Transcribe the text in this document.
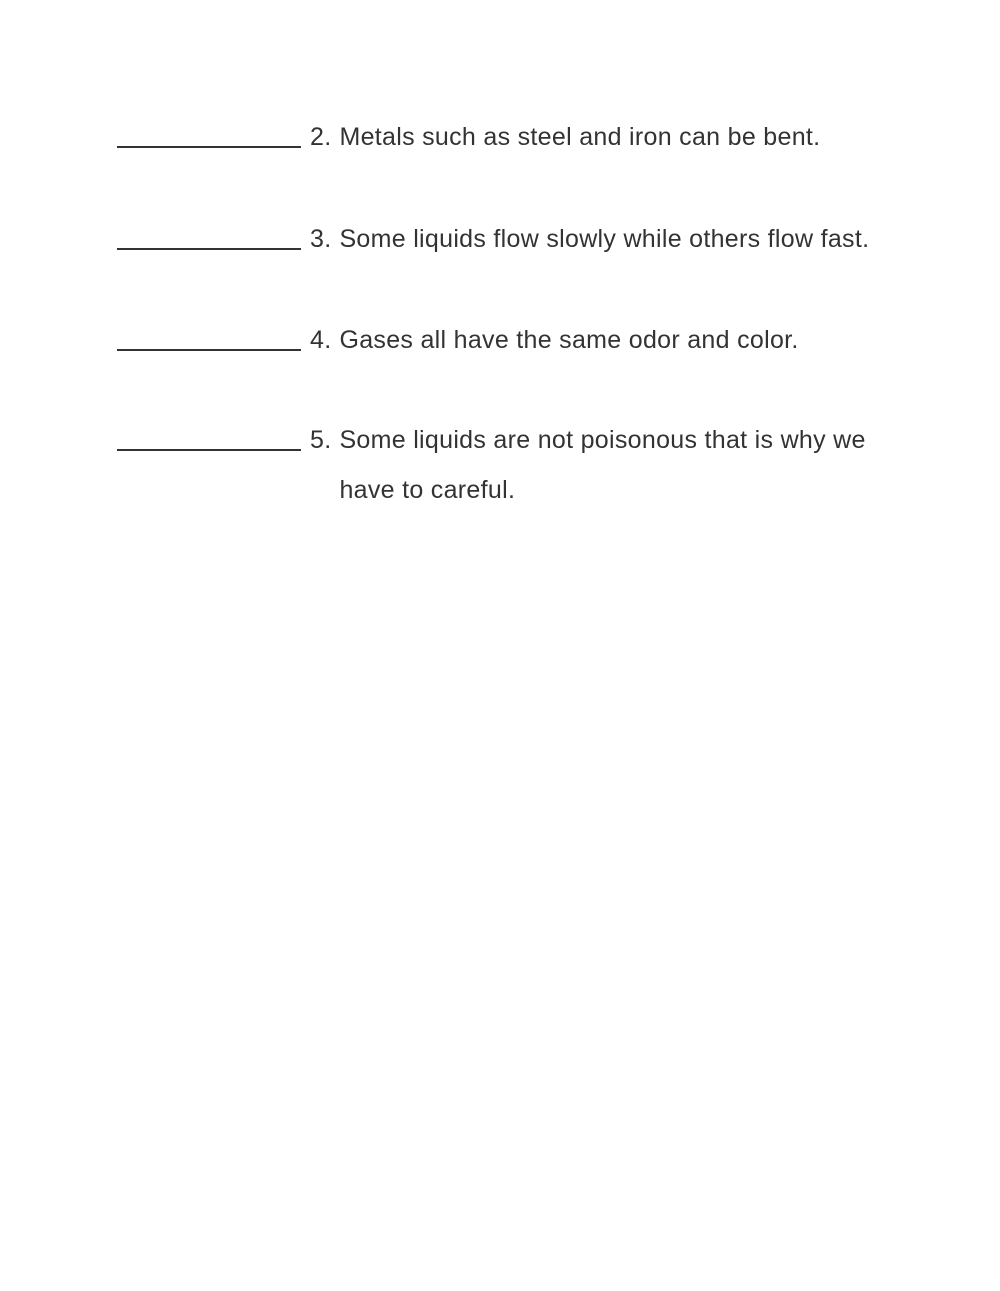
2. Metals such as steel and iron can be bent.
3. Some liquids flow slowly while others flow fast.
4. Gases all have the same odor and color.
5. Some liquids are not poisonous that is why we
have to careful.
